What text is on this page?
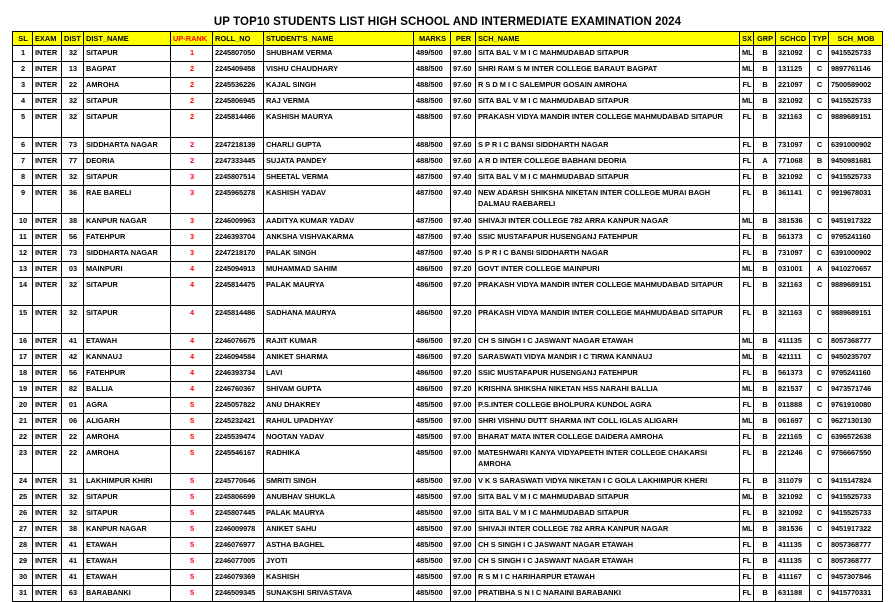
UP TOP10 STUDENTS LIST HIGH SCHOOL AND INTERMEDIATE EXAMINATION 2024
SL	EXAM	DIST	DIST_NAME	UP-RANK	ROLL_NO	STUDENT'S_NAME	MARKS	PER	SCH_NAME	SX	GRP	SCHCD	TYP	SCH_MOB
1	INTER	32	SITAPUR	1	2245807050	SHUBHAM VERMA	489/500	97.80	SITA BAL V M I C MAHMUDABAD SITAPUR	ML	B	321092	C	9415525733
2	INTER	13	BAGPAT	2	2245409458	VISHU CHAUDHARY	488/500	97.60	SHRI RAM S M INTER COLLEGE BARAUT BAGPAT	ML	B	131125	C	9897761146
3	INTER	22	AMROHA	2	2245536226	KAJAL SINGH	488/500	97.60	R S D M I C SALEMPUR GOSAIN AMROHA	FL	B	221097	C	7500589002
4	INTER	32	SITAPUR	2	2245806945	RAJ VERMA	488/500	97.60	SITA BAL V M I C MAHMUDABAD SITAPUR	ML	B	321092	C	9415525733
5	INTER	32	SITAPUR	2	2245814466	KASHISH MAURYA	488/500	97.60	PRAKASH VIDYA MANDIR INTER COLLEGE MAHMUDABAD SITAPUR	FL	B	321163	C	9889689151
6	INTER	73	SIDDHARTA NAGAR	2	2247218139	CHARLI GUPTA	488/500	97.60	S P R I C BANSI SIDDHARTH NAGAR	FL	B	731097	C	6391000902
7	INTER	77	DEORIA	2	2247333445	SUJATA PANDEY	488/500	97.60	A R D INTER COLLEGE BABHANI DEORIA	FL	A	771068	B	9450981681
8	INTER	32	SITAPUR	3	2245807514	SHEETAL VERMA	487/500	97.40	SITA BAL V M I C MAHMUDABAD SITAPUR	FL	B	321092	C	9415525733
9	INTER	36	RAE BARELI	3	2245965278	KASHISH YADAV	487/500	97.40	NEW ADARSH SHIKSHA NIKETAN INTER COLLEGE MURAI BAGH DALMAU RAEBARELI	FL	B	361141	C	9919678031
10	INTER	38	KANPUR NAGAR	3	2246009963	AADITYA KUMAR YADAV	487/500	97.40	SHIVAJI INTER COLLEGE 782 ARRA KANPUR NAGAR	ML	B	381536	C	9451917322
11	INTER	56	FATEHPUR	3	2246393704	ANKSHA VISHVAKARMA	487/500	97.40	SSIC MUSTAFAPUR HUSENGANJ FATEHPUR	FL	B	561373	C	9795241160
12	INTER	73	SIDDHARTA NAGAR	3	2247218170	PALAK SINGH	487/500	97.40	S P R I C BANSI SIDDHARTH NAGAR	FL	B	731097	C	6391000902
13	INTER	03	MAINPURI	4	2245094913	MUHAMMAD SAHIM	486/500	97.20	GOVT INTER COLLEGE MAINPURI	ML	B	031001	A	9410270657
14	INTER	32	SITAPUR	4	2245814475	PALAK MAURYA	486/500	97.20	PRAKASH VIDYA MANDIR INTER COLLEGE MAHMUDABAD SITAPUR	FL	B	321163	C	9889689151
15	INTER	32	SITAPUR	4	2245814486	SADHANA MAURYA	486/500	97.20	PRAKASH VIDYA MANDIR INTER COLLEGE MAHMUDABAD SITAPUR	FL	B	321163	C	9889689151
16	INTER	41	ETAWAH	4	2246076675	RAJIT KUMAR	486/500	97.20	CH S SINGH I C JASWANT NAGAR ETAWAH	ML	B	411135	C	8057368777
17	INTER	42	KANNAUJ	4	2246094584	ANIKET SHARMA	486/500	97.20	SARASWATI VIDYA MANDIR I C TIRWA KANNAUJ	ML	B	421111	C	9450235707
18	INTER	56	FATEHPUR	4	2246393734	LAVI	486/500	97.20	SSIC MUSTAFAPUR HUSENGANJ FATEHPUR	FL	B	561373	C	9795241160
19	INTER	82	BALLIA	4	2246760367	SHIVAM GUPTA	486/500	97.20	KRISHNA SHIKSHA NIKETAN HSS NARAHI BALLIA	ML	B	821537	C	9473571746
20	INTER	01	AGRA	5	2245057822	ANU DHAKREY	485/500	97.00	P.S.INTER COLLEGE BHOLPURA KUNDOL AGRA	FL	B	011888	C	9761910080
21	INTER	06	ALIGARH	5	2245232421	RAHUL UPADHYAY	485/500	97.00	SHRI VISHNU DUTT SHARMA INT COLL IGLAS ALIGARH	ML	B	061697	C	9627130130
22	INTER	22	AMROHA	5	2245539474	NOOTAN YADAV	485/500	97.00	BHARAT MATA INTER COLLEGE DAIDERA AMROHA	FL	B	221165	C	6396572638
23	INTER	22	AMROHA	5	2245546167	RADHIKA	485/500	97.00	MATESHWARI KANYA VIDYAPEETH INTER COLLEGE CHAKARSI AMROHA	FL	B	221246	C	9756667550
24	INTER	31	LAKHIMPUR KHIRI	5	2245770646	SMRITI SINGH	485/500	97.00	V K S SARASWATI VIDYA NIKETAN I C GOLA LAKHIMPUR KHERI	FL	B	311079	C	9415147824
25	INTER	32	SITAPUR	5	2245806699	ANUBHAV SHUKLA	485/500	97.00	SITA BAL V M I C MAHMUDABAD SITAPUR	ML	B	321092	C	9415525733
26	INTER	32	SITAPUR	5	2245807445	PALAK MAURYA	485/500	97.00	SITA BAL V M I C MAHMUDABAD SITAPUR	FL	B	321092	C	9415525733
27	INTER	38	KANPUR NAGAR	5	2246009978	ANIKET SAHU	485/500	97.00	SHIVAJI INTER COLLEGE 782 ARRA KANPUR NAGAR	ML	B	381536	C	9451917322
28	INTER	41	ETAWAH	5	2246076977	ASTHA BAGHEL	485/500	97.00	CH S SINGH I C JASWANT NAGAR ETAWAH	FL	B	411135	C	8057368777
29	INTER	41	ETAWAH	5	2246077005	JYOTI	485/500	97.00	CH S SINGH I C JASWANT NAGAR ETAWAH	FL	B	411135	C	8057368777
30	INTER	41	ETAWAH	5	2246079369	KASHISH	485/500	97.00	R S M I C HARIHARPUR ETAWAH	FL	B	411167	C	9457307846
31	INTER	63	BARABANKI	5	2246509345	SUNAKSHI SRIVASTAVA	485/500	97.00	PRATIBHA S N I C NARAINI BARABANKI	FL	B	631188	C	9415770331
